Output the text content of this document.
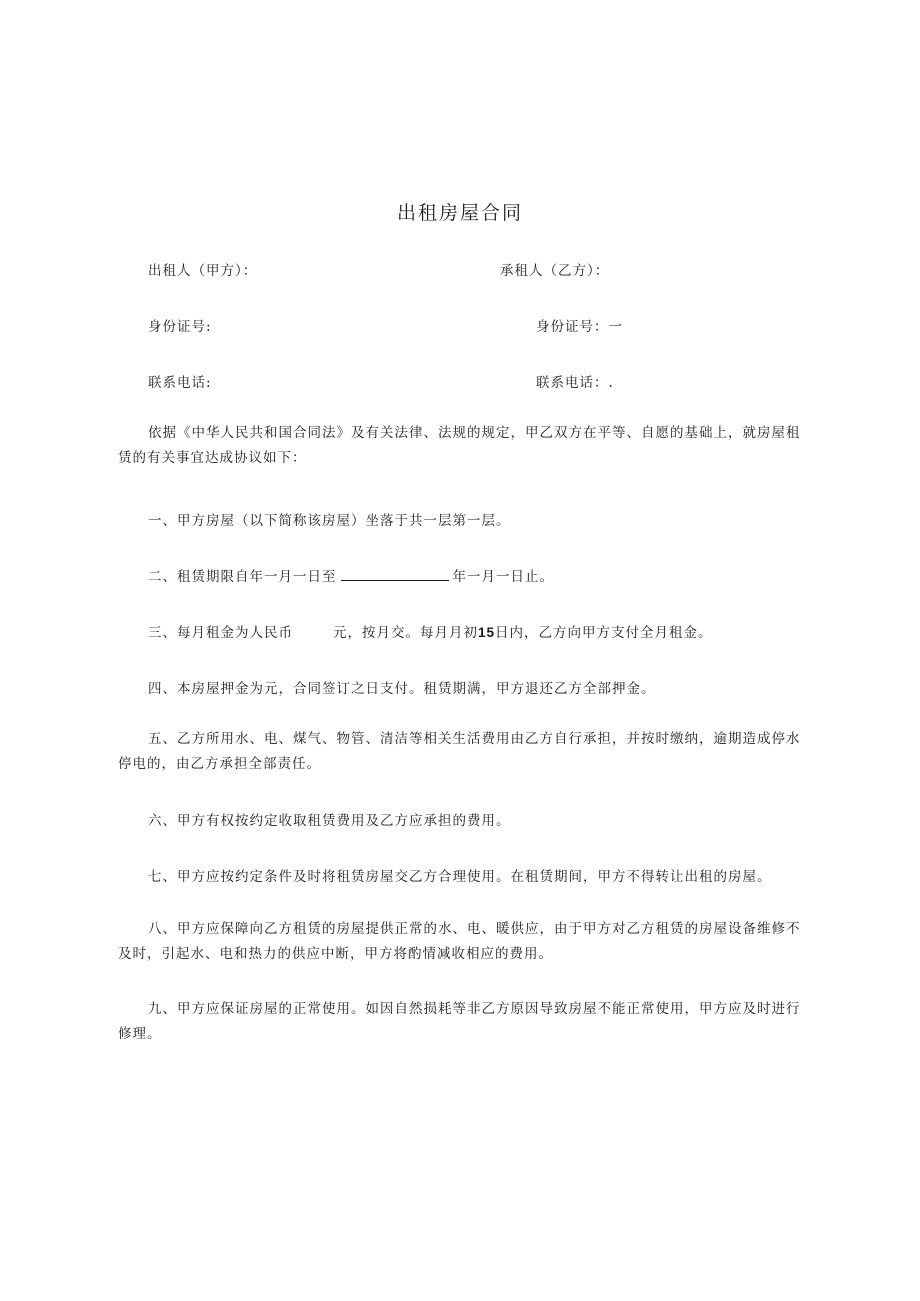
出租房屋合同
出租人（甲方）：	承租人（乙方）：
身份证号:	身份证号：一
联系电话:	联系电话：.
依据《中华人民共和国合同法》及有关法律、法规的规定，甲乙双方在平等、自愿的基础上，就房屋租赁的有关事宜达成协议如下：
一、甲方房屋（以下简称该房屋）坐落于共一层第一层。
二、租赁期限自年一月一日至	年一月一日止。
三、每月租金为人民币	元，按月交。每月月初15日内，乙方向甲方支付全月租金。
四、本房屋押金为元，合同签订之日支付。租赁期满，甲方退还乙方全部押金。
五、乙方所用水、电、煤气、物管、清洁等相关生活费用由乙方自行承担，并按时缴纳，逾期造成停水停电的，由乙方承担全部责任。
六、甲方有权按约定收取租赁费用及乙方应承担的费用。
七、甲方应按约定条件及时将租赁房屋交乙方合理使用。在租赁期间，甲方不得转让出租的房屋。
八、甲方应保障向乙方租赁的房屋提供正常的水、电、暖供应，由于甲方对乙方租赁的房屋设备维修不及时，引起水、电和热力的供应中断，甲方将酌情减收相应的费用。
九、甲方应保证房屋的正常使用。如因自然损耗等非乙方原因导致房屋不能正常使用，甲方应及时进行修理。
